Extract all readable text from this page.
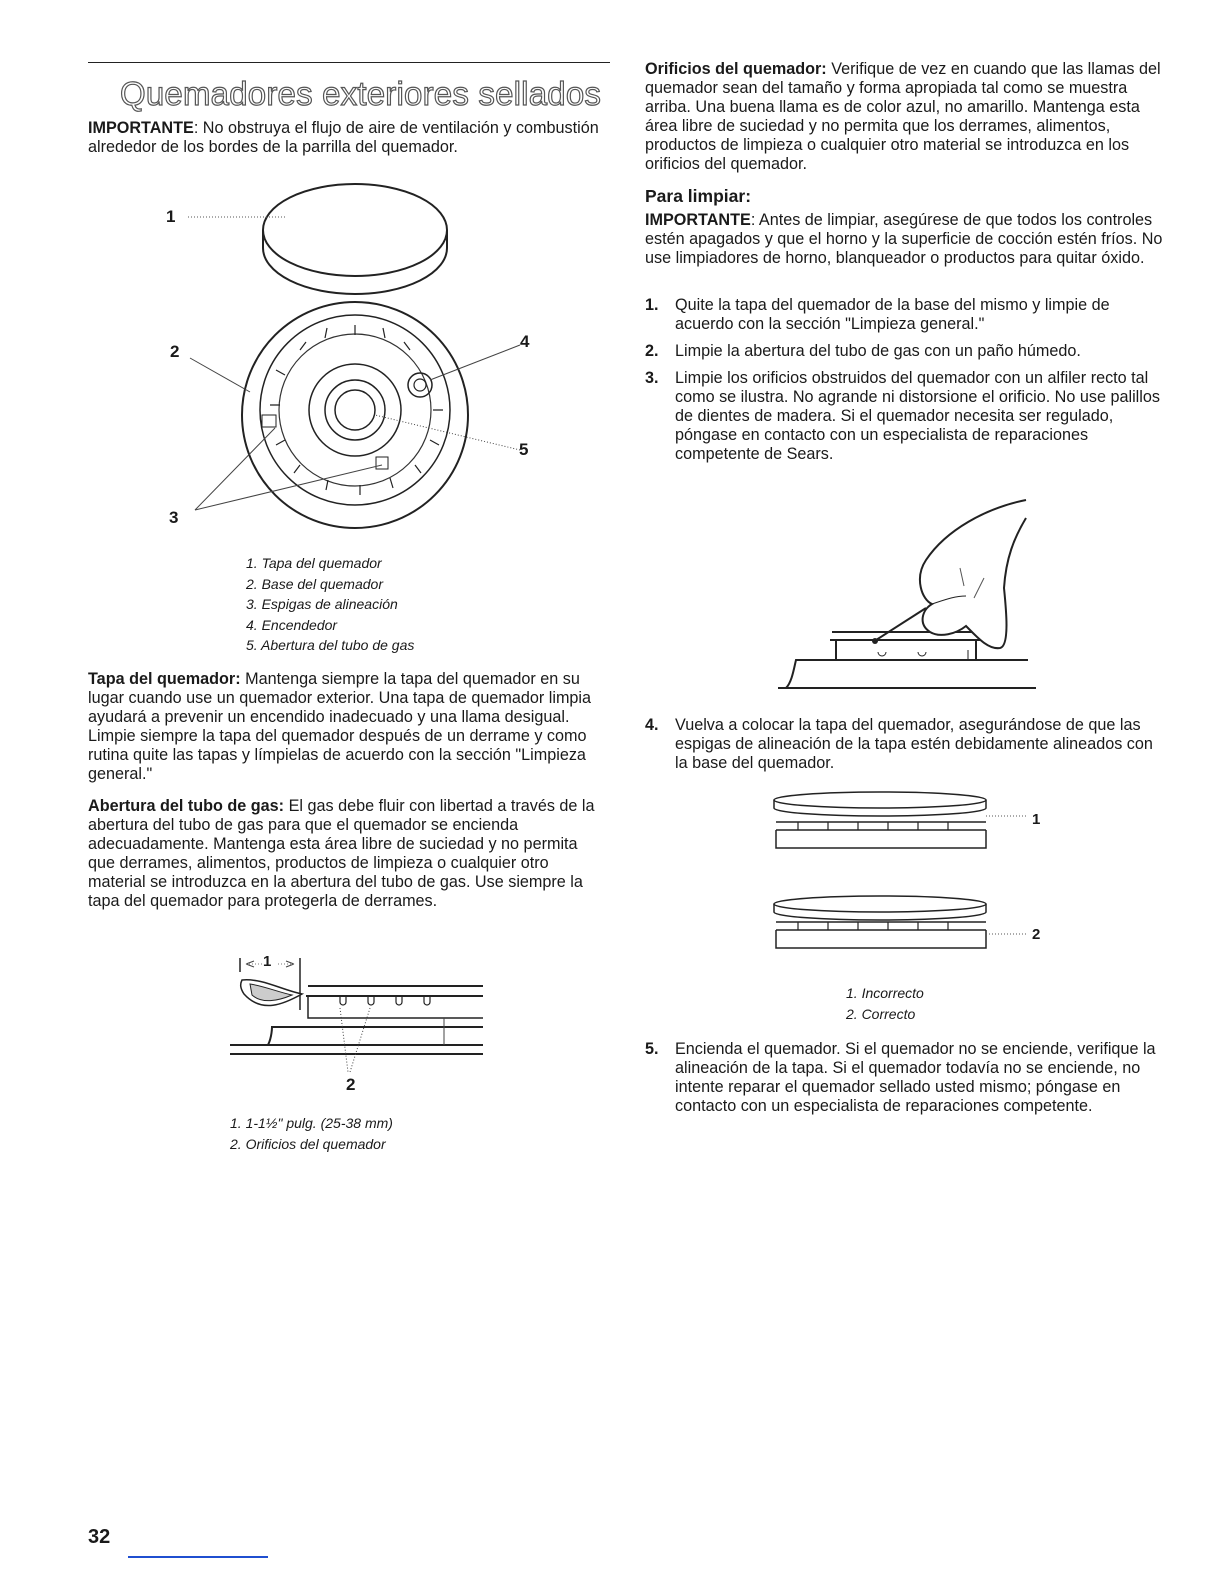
Quemadores exteriores sellados

IMPORTANTE: No obstruya el flujo de aire de ventilación y combustión alrededor de los bordes de la parrilla del quemador.

1
2
3
4
5
1. Tapa del quemador
2. Base del quemador
3. Espigas de alineación
4. Encendedor
5. Abertura del tubo de gas

Tapa del quemador: Mantenga siempre la tapa del quemador en su lugar cuando use un quemador exterior. Una tapa de quemador limpia ayudará a prevenir un encendido inadecuado y una llama desigual. Limpie siempre la tapa del quemador después de un derrame y como rutina quite las tapas y límpielas de acuerdo con la sección "Limpieza general."

Abertura del tubo de gas: El gas debe fluir con libertad a través de la abertura del tubo de gas para que el quemador se encienda adecuadamente. Mantenga esta área libre de suciedad y no permita que derrames, alimentos, productos de limpieza o cualquier otro material se introduzca en la abertura del tubo de gas. Use siempre la tapa del quemador para protegerla de derrames.

1
2
1. 1-1½" pulg. (25-38 mm)
2. Orificios del quemador

Orificios del quemador: Verifique de vez en cuando que las llamas del quemador sean del tamaño y forma apropiada tal como se muestra arriba. Una buena llama es de color azul, no amarillo. Mantenga esta área libre de suciedad y no permita que los derrames, alimentos, productos de limpieza o cualquier otro material se introduzca en los orificios del quemador.

Para limpiar:

IMPORTANTE: Antes de limpiar, asegúrese de que todos los controles estén apagados y que el horno y la superficie de cocción estén fríos. No use limpiadores de horno, blanqueador o productos para quitar óxido.

1. Quite la tapa del quemador de la base del mismo y limpie de acuerdo con la sección "Limpieza general."
2. Limpie la abertura del tubo de gas con un paño húmedo.
3. Limpie los orificios obstruidos del quemador con un alfiler recto tal como se ilustra. No agrande ni distorsione el orificio. No use palillos de dientes de madera. Si el quemador necesita ser regulado, póngase en contacto con un especialista de reparaciones competente de Sears.
4. Vuelva a colocar la tapa del quemador, asegurándose de que las espigas de alineación de la tapa estén debidamente alineados con la base del quemador.
1
2
1. Incorrecto
2. Correcto
5. Encienda el quemador. Si el quemador no se enciende, verifique la alineación de la tapa. Si el quemador todavía no se enciende, no intente reparar el quemador sellado usted mismo; póngase en contacto con un especialista de reparaciones competente.
32
